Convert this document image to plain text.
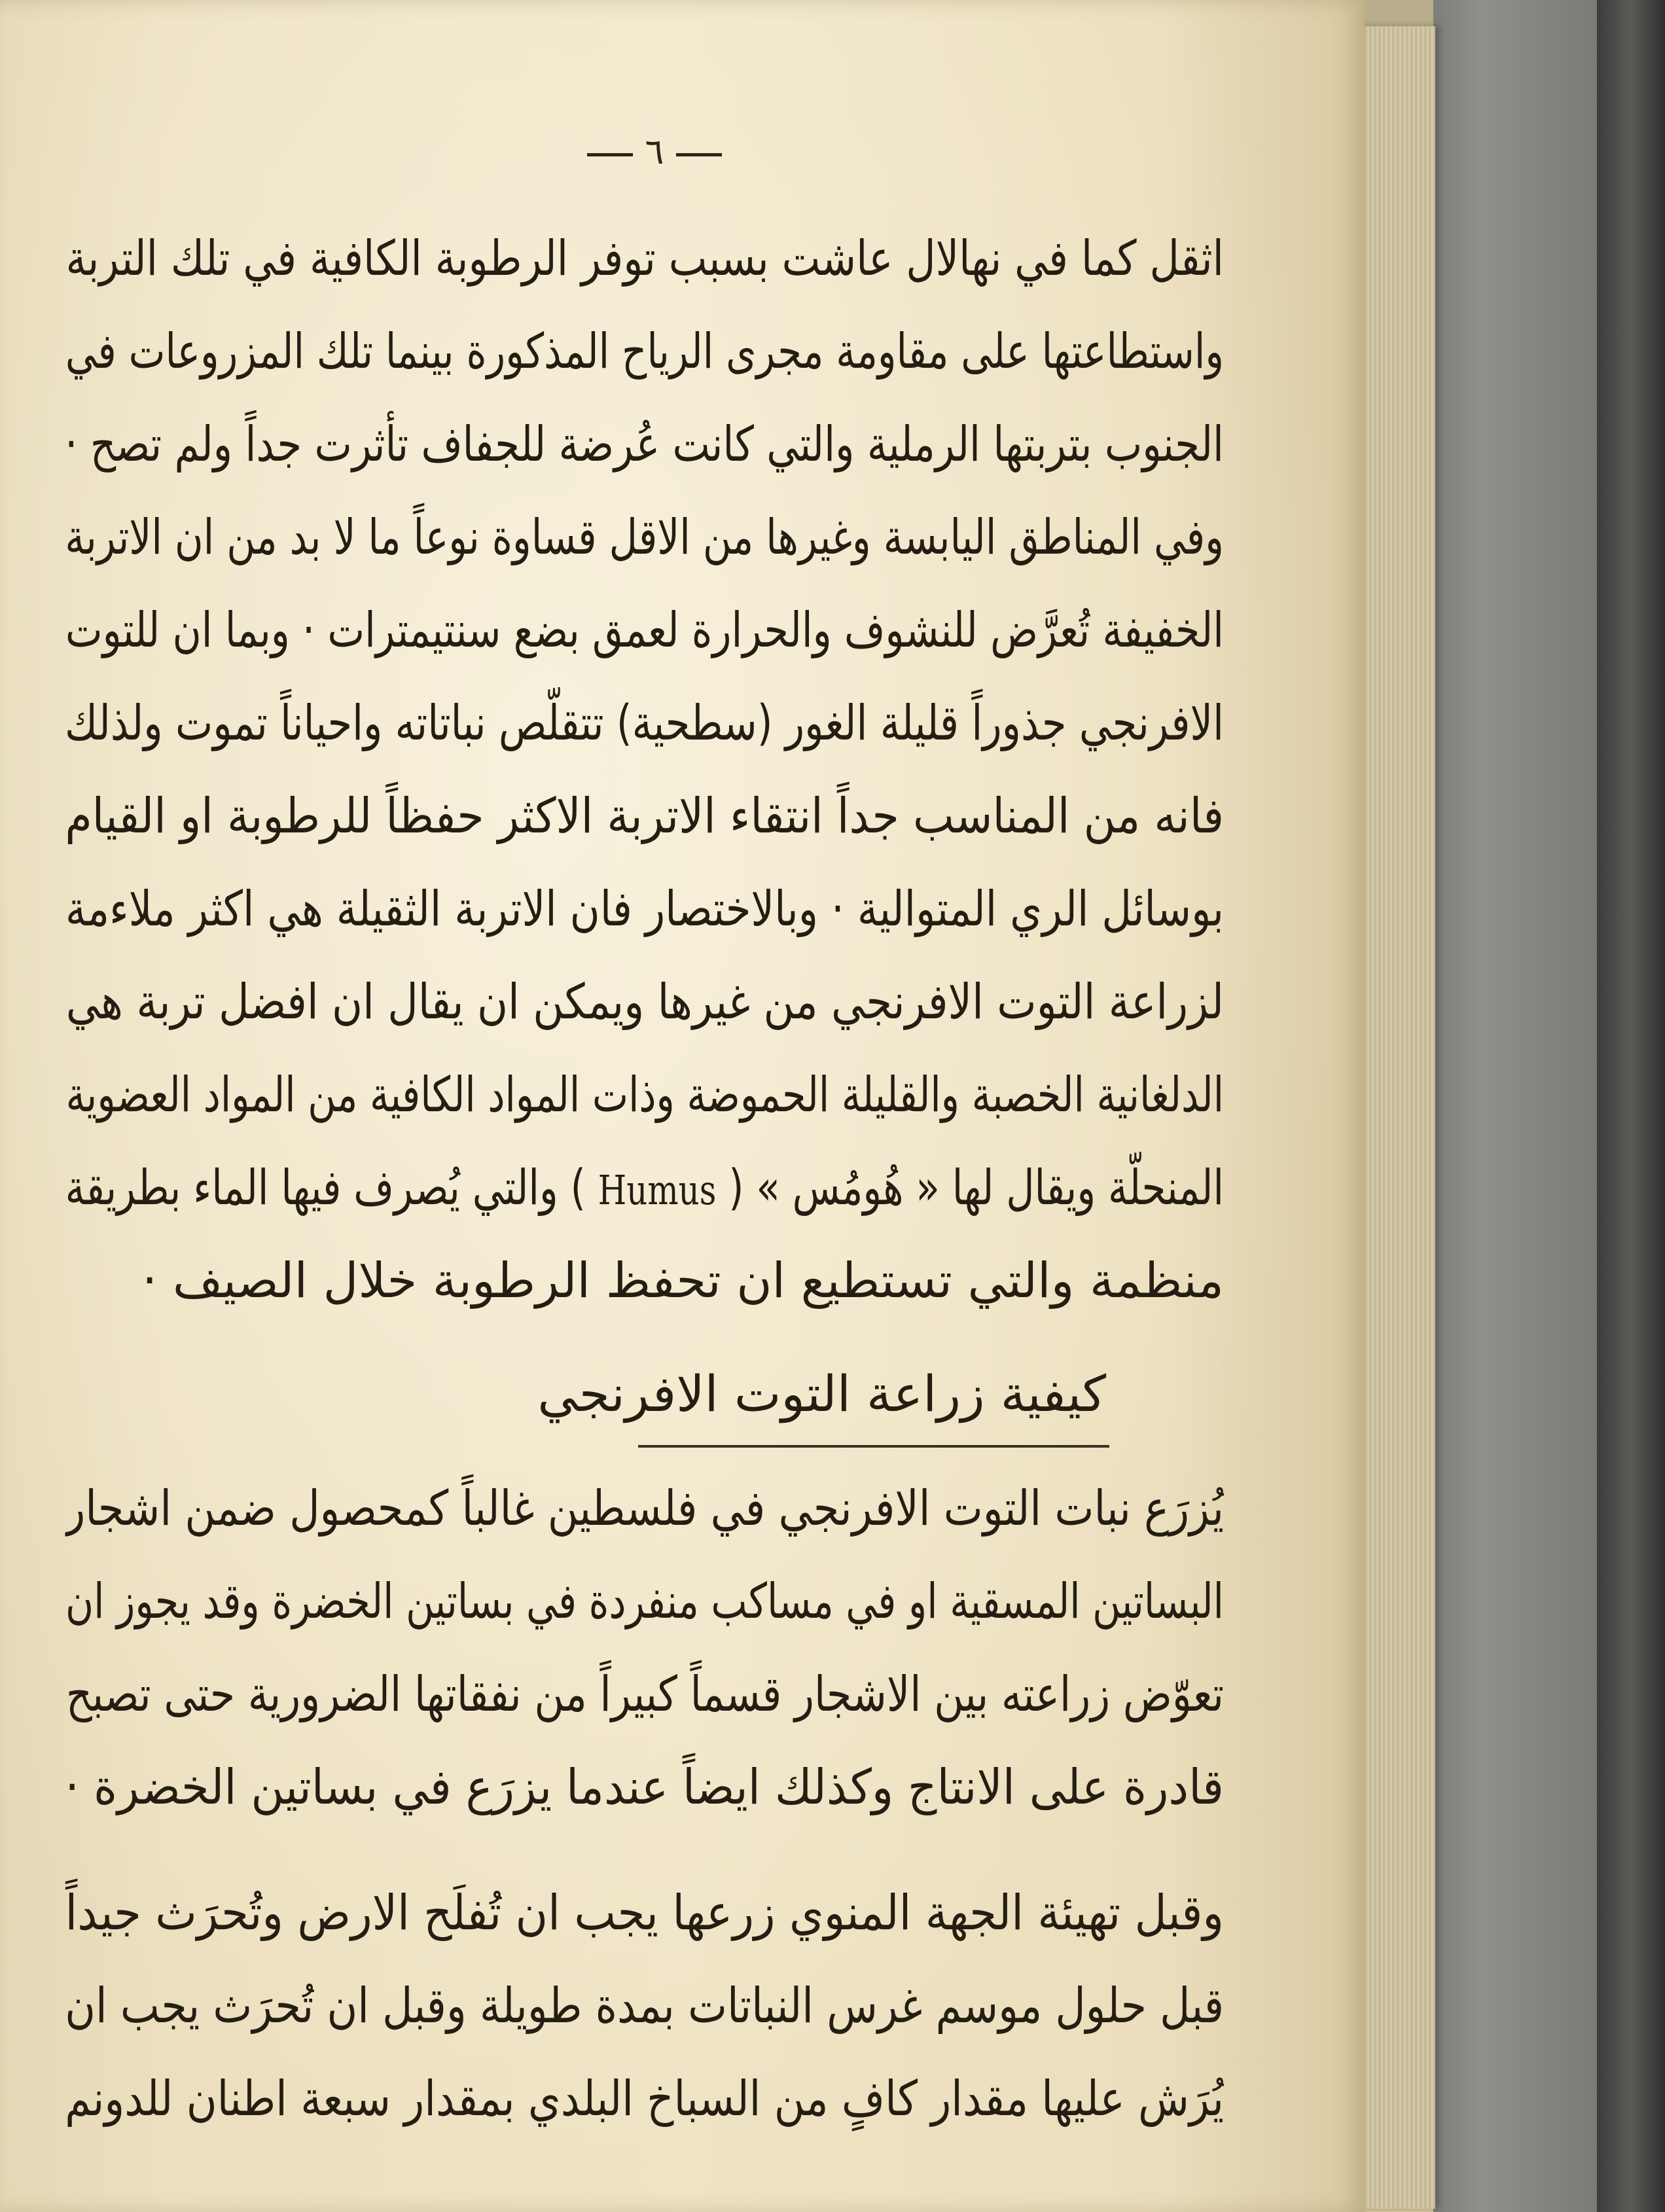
٦
اثقل كما في نهالال عاشت بسبب توفر الرطوبة الكافية في تلك التربة
واستطاعتها على مقاومة مجرى الرياح المذكورة بينما تلك المزروعات في
الجنوب بتربتها الرملية والتي كانت عُرضة للجفاف تأثرت جداً ولم تصح ·
وفي المناطق اليابسة وغيرها من الاقل قساوة نوعاً ما لا بد من ان الاتربة
الخفيفة تُعرَّض للنشوف والحرارة لعمق بضع سنتيمترات · وبما ان للتوت
الافرنجي جذوراً قليلة الغور (سطحية) تتقلّص نباتاته واحياناً تموت ولذلك
فانه من المناسب جداً انتقاء الاتربة الاكثر حفظاً للرطوبة او القيام
بوسائل الري المتوالية · وبالاختصار فان الاتربة الثقيلة هي اكثر ملاءمة
لزراعة التوت الافرنجي من غيرها ويمكن ان يقال ان افضل تربة هي
الدلغانية الخصبة والقليلة الحموضة وذات المواد الكافية من المواد العضوية
المنحلَّة ويقال لها « هُومُس » ( Humus ) والتي يُصرف فيها الماء بطريقة
منظمة والتي تستطيع ان تحفظ الرطوبة خلال الصيف ·
كيفية زراعة التوت الافرنجي
يُزرَع نبات التوت الافرنجي في فلسطين غالباً كمحصول ضمن اشجار
البساتين المسقية او في مساكب منفردة في بساتين الخضرة وقد يجوز ان
تعوّض زراعته بين الاشجار قسماً كبيراً من نفقاتها الضرورية حتى تصبح
قادرة على الانتاج وكذلك ايضاً عندما يزرَع في بساتين الخضرة ·
وقبل تهيئة الجهة المنوي زرعها يجب ان تُفلَح الارض وتُحرَث جيداً
قبل حلول موسم غرس النباتات بمدة طويلة وقبل ان تُحرَث يجب ان
يُرَش عليها مقدار كافٍ من السباخ البلدي بمقدار سبعة اطنان للدونم
